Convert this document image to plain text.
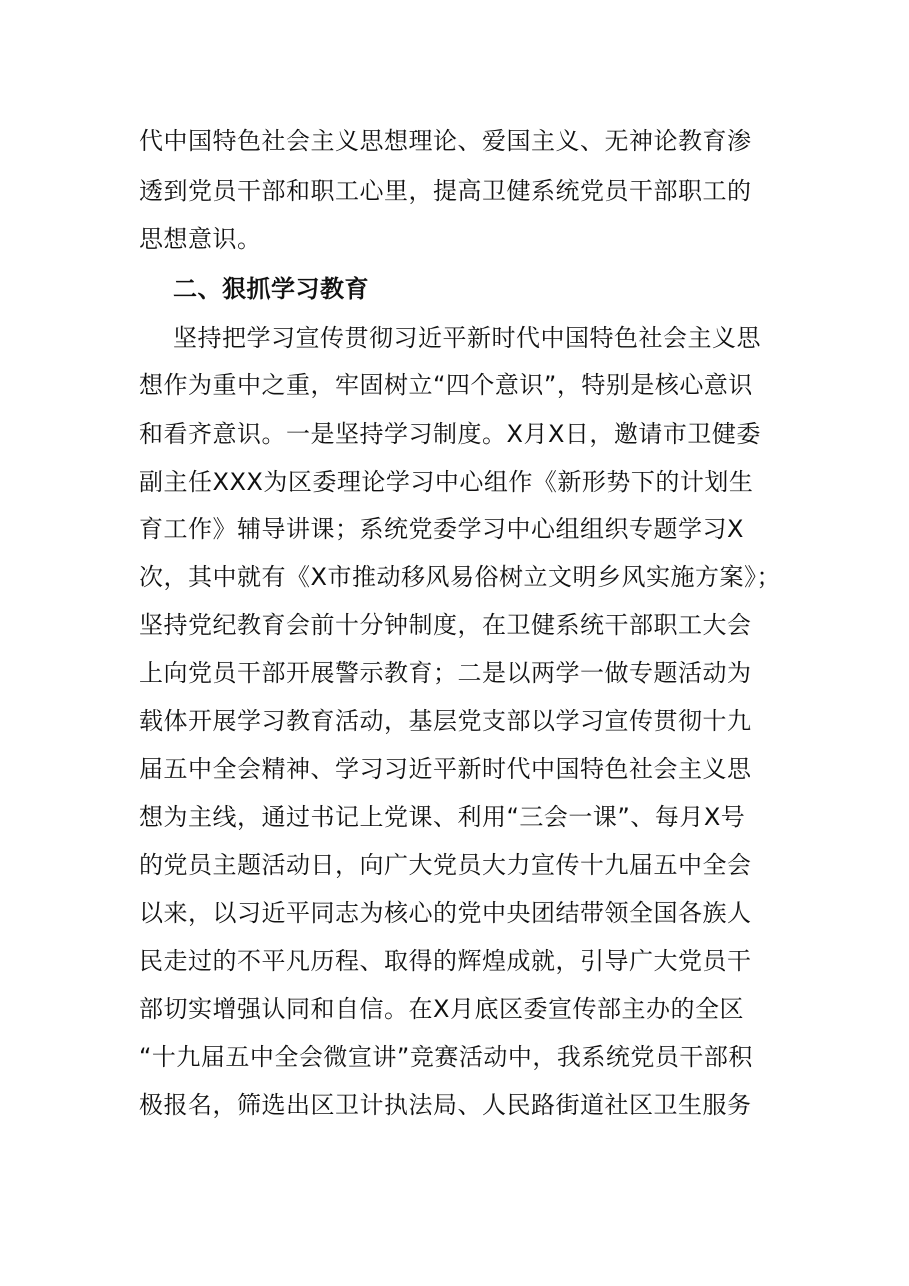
代中国特色社会主义思想理论、爱国主义、无神论教育渗
透到党员干部和职工心里，提高卫健系统党员干部职工的
思想意识。
二、狠抓学习教育
坚持把学习宣传贯彻习近平新时代中国特色社会主义思
想作为重中之重，牢固树立“四个意识”，特别是核心意识
和看齐意识。一是坚持学习制度。X月X日，邀请市卫健委
副主任XXX为区委理论学习中心组作《新形势下的计划生
育工作》辅导讲课；系统党委学习中心组组织专题学习X
次，其中就有《X市推动移风易俗树立文明乡风实施方案》；
坚持党纪教育会前十分钟制度，在卫健系统干部职工大会
上向党员干部开展警示教育；二是以两学一做专题活动为
载体开展学习教育活动，基层党支部以学习宣传贯彻十九
届五中全会精神、学习习近平新时代中国特色社会主义思
想为主线，通过书记上党课、利用“三会一课”、每月X号
的党员主题活动日，向广大党员大力宣传十九届五中全会
以来，以习近平同志为核心的党中央团结带领全国各族人
民走过的不平凡历程、取得的辉煌成就，引导广大党员干
部切实增强认同和自信。在X月底区委宣传部主办的全区
“十九届五中全会微宣讲”竞赛活动中，我系统党员干部积
极报名，筛选出区卫计执法局、人民路街道社区卫生服务
